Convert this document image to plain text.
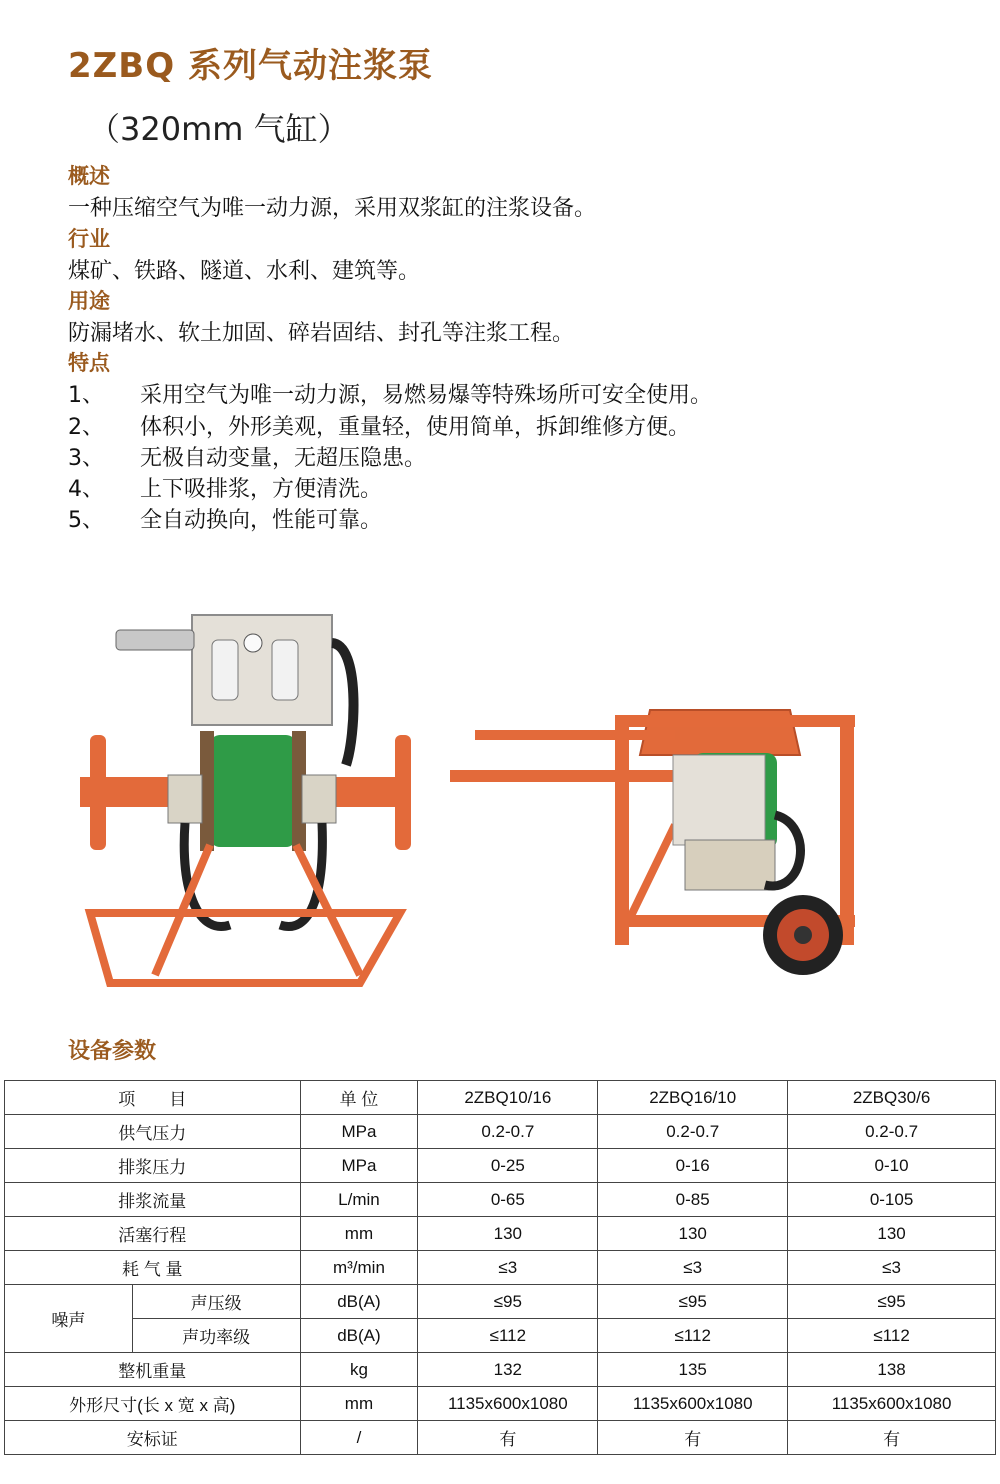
2ZBQ 系列气动注浆泵
（320mm 气缸）
概述
一种压缩空气为唯一动力源，采用双浆缸的注浆设备。
行业
煤矿、铁路、隧道、水利、建筑等。
用途
防漏堵水、软土加固、碎岩固结、封孔等注浆工程。
特点
1、 采用空气为唯一动力源，易燃易爆等特殊场所可安全使用。
2、 体积小，外形美观，重量轻，使用简单，拆卸维修方便。
3、 无极自动变量，无超压隐患。
4、 上下吸排浆，方便清洗。
5、 全自动换向，性能可靠。
设备参数
项　　目		单 位	2ZBQ10/16	2ZBQ16/10	2ZBQ30/6
供气压力		MPa	0.2-0.7	0.2-0.7	0.2-0.7
排浆压力		MPa	0-25	0-16	0-10
排浆流量		L/min	0-65	0-85	0-105
活塞行程		mm	130	130	130
耗 气 量		m³/min	≤3	≤3	≤3
噪声	声压级	dB(A)	≤95	≤95	≤95
	声功率级	dB(A)	≤112	≤112	≤112
整机重量		kg	132	135	138
外形尺寸(长 x 宽 x 高)		mm	1135x600x1080	1135x600x1080	1135x600x1080
安标证		/	有	有	有
